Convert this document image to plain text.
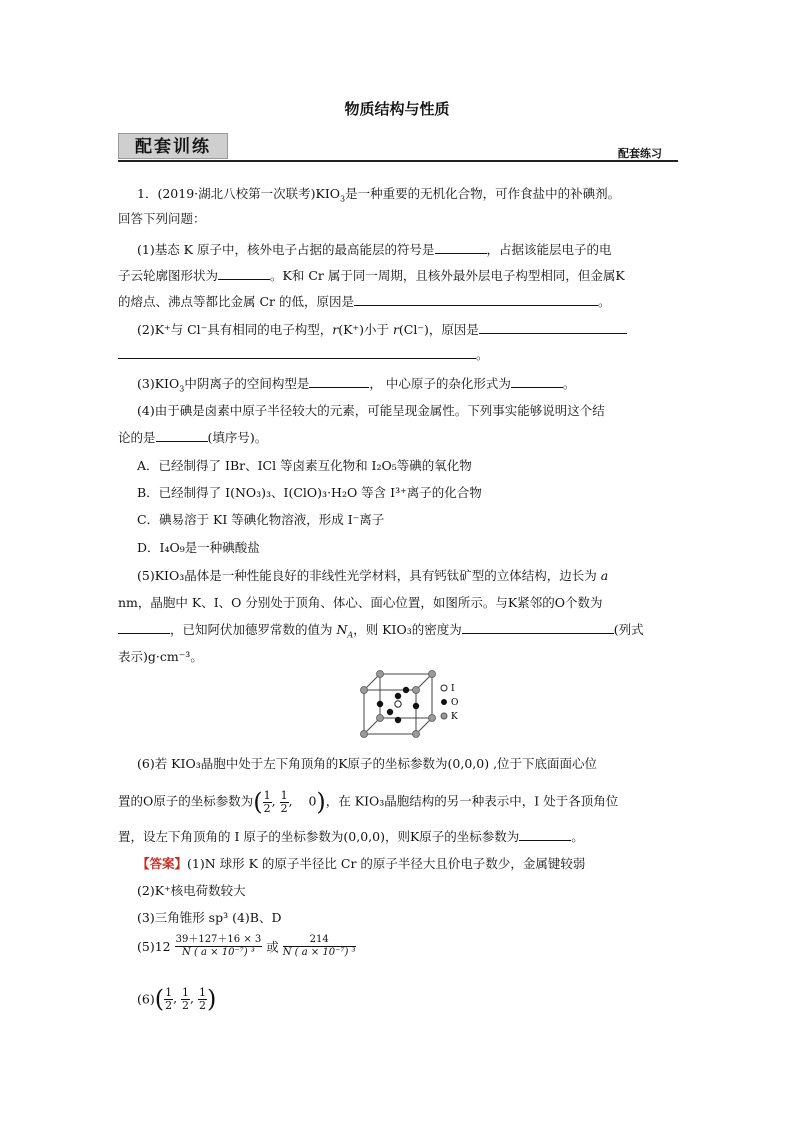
物质结构与性质
配套训练	配套练习
1．(2019·湖北八校第一次联考)$KIO_3$是一种重要的无机化合物，可作食盐中的补碘剂。
回答下列问题：
(1)基态 K 原子中，核外电子占据的最高能层的符号是	，占据该能层电子的电
子云轮廓图形状为	。K和 Cr 属于同一周期，且核外最外层电子构型相同，但金属K
的熔点、沸点等都比金属 Cr 的低，原因是	。
(2)K⁺与 Cl⁻具有相同的电子构型，r(K⁺)小于 r(Cl⁻)，原因是
。
$(3)KIO_3$中阴离子的空间构型是	， 中心原子的杂化形式为	。
(4)由于碘是卤素中原子半径较大的元素，可能呈现金属性。下列事实能够说明这个结
论的是	(填序号)。
A．已经制得了 IBr、ICl 等卤素互化物和 I₂O₅等碘的氧化物
B．已经制得了 I(NO₃)₃、I(ClO)₃·H₂O 等含 I³⁺离子的化合物
C．碘易溶于 KI 等碘化物溶液，形成 I⁻离子
D．I₄O₉是一种碘酸盐
(5)KIO₃晶体是一种性能良好的非线性光学材料，具有钙钛矿型的立体结构，边长为 a
nm，晶胞中 K、I、O 分别处于顶角、体心、面心位置，如图所示。与K紧邻的O个数为
，已知阿伏加德罗常数的值为 $N_A$，则 KIO₃的密度为	(列式
表示)g·cm⁻³。
I
O
K
(6)若 KIO₃晶胞中处于左下角顶角的K原子的坐标参数为(0,0,0) ,位于下底面面心位
置的O原子的坐标参数为( $\frac{1}{2}$ , $\frac{1}{2}$ ,    0)，在 KIO₃晶胞结构的另一种表示中，I 处于各顶角位
置，设左下角顶角的 I 原子的坐标参数为(0,0,0)，则K原子的坐标参数为	。
【答案】(1)N 球形 K 的原子半径比 Cr 的原子半径大且价电子数少，金属键较弱
(2)K⁺核电荷数较大
(3)三角锥形 sp³ (4)B、D
$(5)12 \frac{39+127+16 \times 3}{\text{N ( a × 10⁻⁷) ³}}$ 或 $\frac{214}{\text{N ( a × 10⁻⁷) ³}}$
$(6)( \frac{1}{2}$ , $\frac{1}{2}$ , $\frac{1}{2}$ )
